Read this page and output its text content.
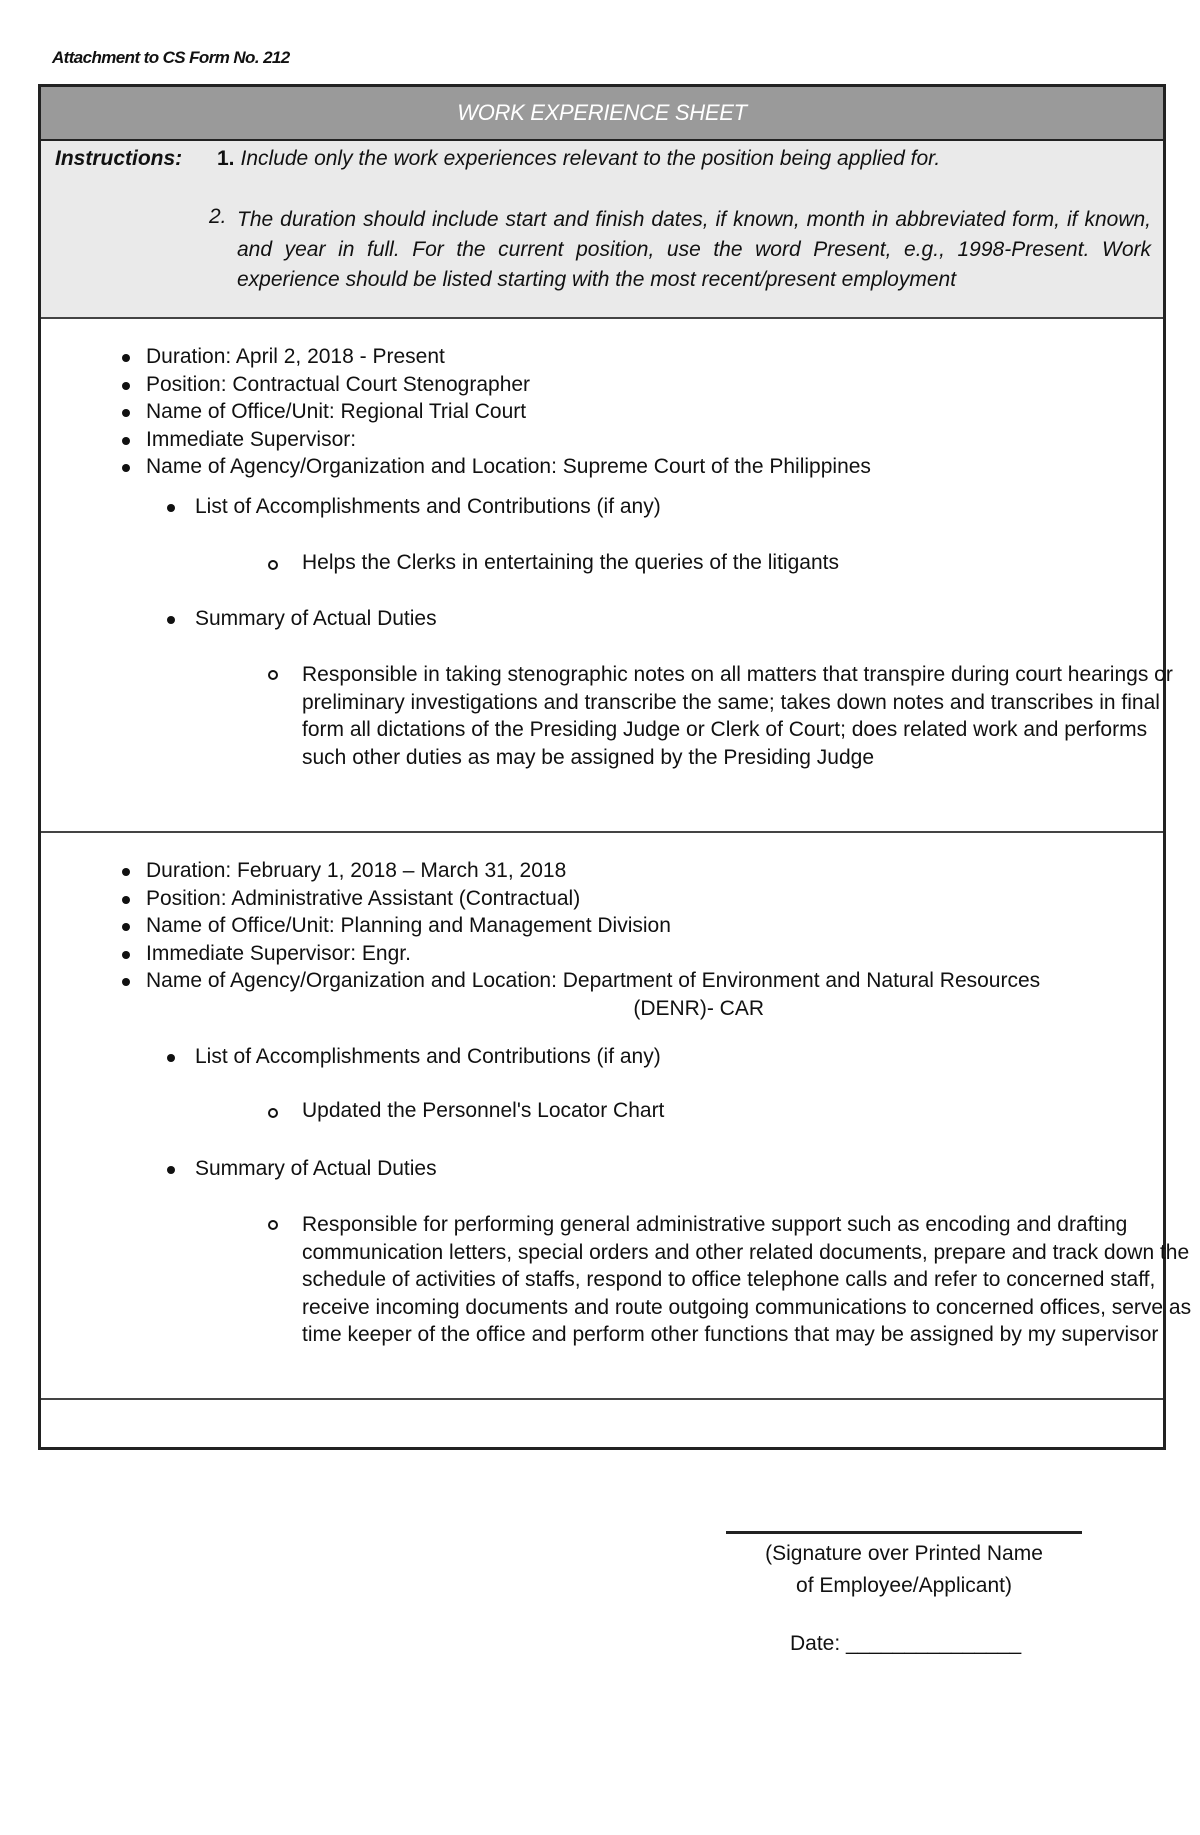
Attachment to CS Form No. 212
WORK EXPERIENCE SHEET
Instructions: 1. Include only the work experiences relevant to the position being applied for.
2. The duration should include start and finish dates, if known, month in abbreviated form, if known, and year in full. For the current position, use the word Present, e.g., 1998-Present. Work experience should be listed starting with the most recent/present employment
Duration: April 2, 2018 - Present
Position: Contractual Court Stenographer
Name of Office/Unit: Regional Trial Court
Immediate Supervisor:
Name of Agency/Organization and Location: Supreme Court of the Philippines
List of Accomplishments and Contributions (if any)
Helps the Clerks in entertaining the queries of the litigants
Summary of Actual Duties
Responsible in taking stenographic notes on all matters that transpire during court hearings or preliminary investigations and transcribe the same; takes down notes and transcribes in final form all dictations of the Presiding Judge or Clerk of Court; does related work and performs such other duties as may be assigned by the Presiding Judge
Duration: February 1, 2018 – March 31, 2018
Position: Administrative Assistant (Contractual)
Name of Office/Unit: Planning and Management Division
Immediate Supervisor: Engr.
Name of Agency/Organization and Location: Department of Environment and Natural Resources
(DENR)- CAR
List of Accomplishments and Contributions (if any)
Updated the Personnel's Locator Chart
Summary of Actual Duties
Responsible for performing general administrative support such as encoding and drafting communication letters, special orders and other related documents, prepare and track down the schedule of activities of staffs, respond to office telephone calls and refer to concerned staff, receive incoming documents and route outgoing communications to concerned offices, serve as time keeper of the office and perform other functions that may be assigned by my supervisor
(Signature over Printed Name
of Employee/Applicant)
Date: _______________
